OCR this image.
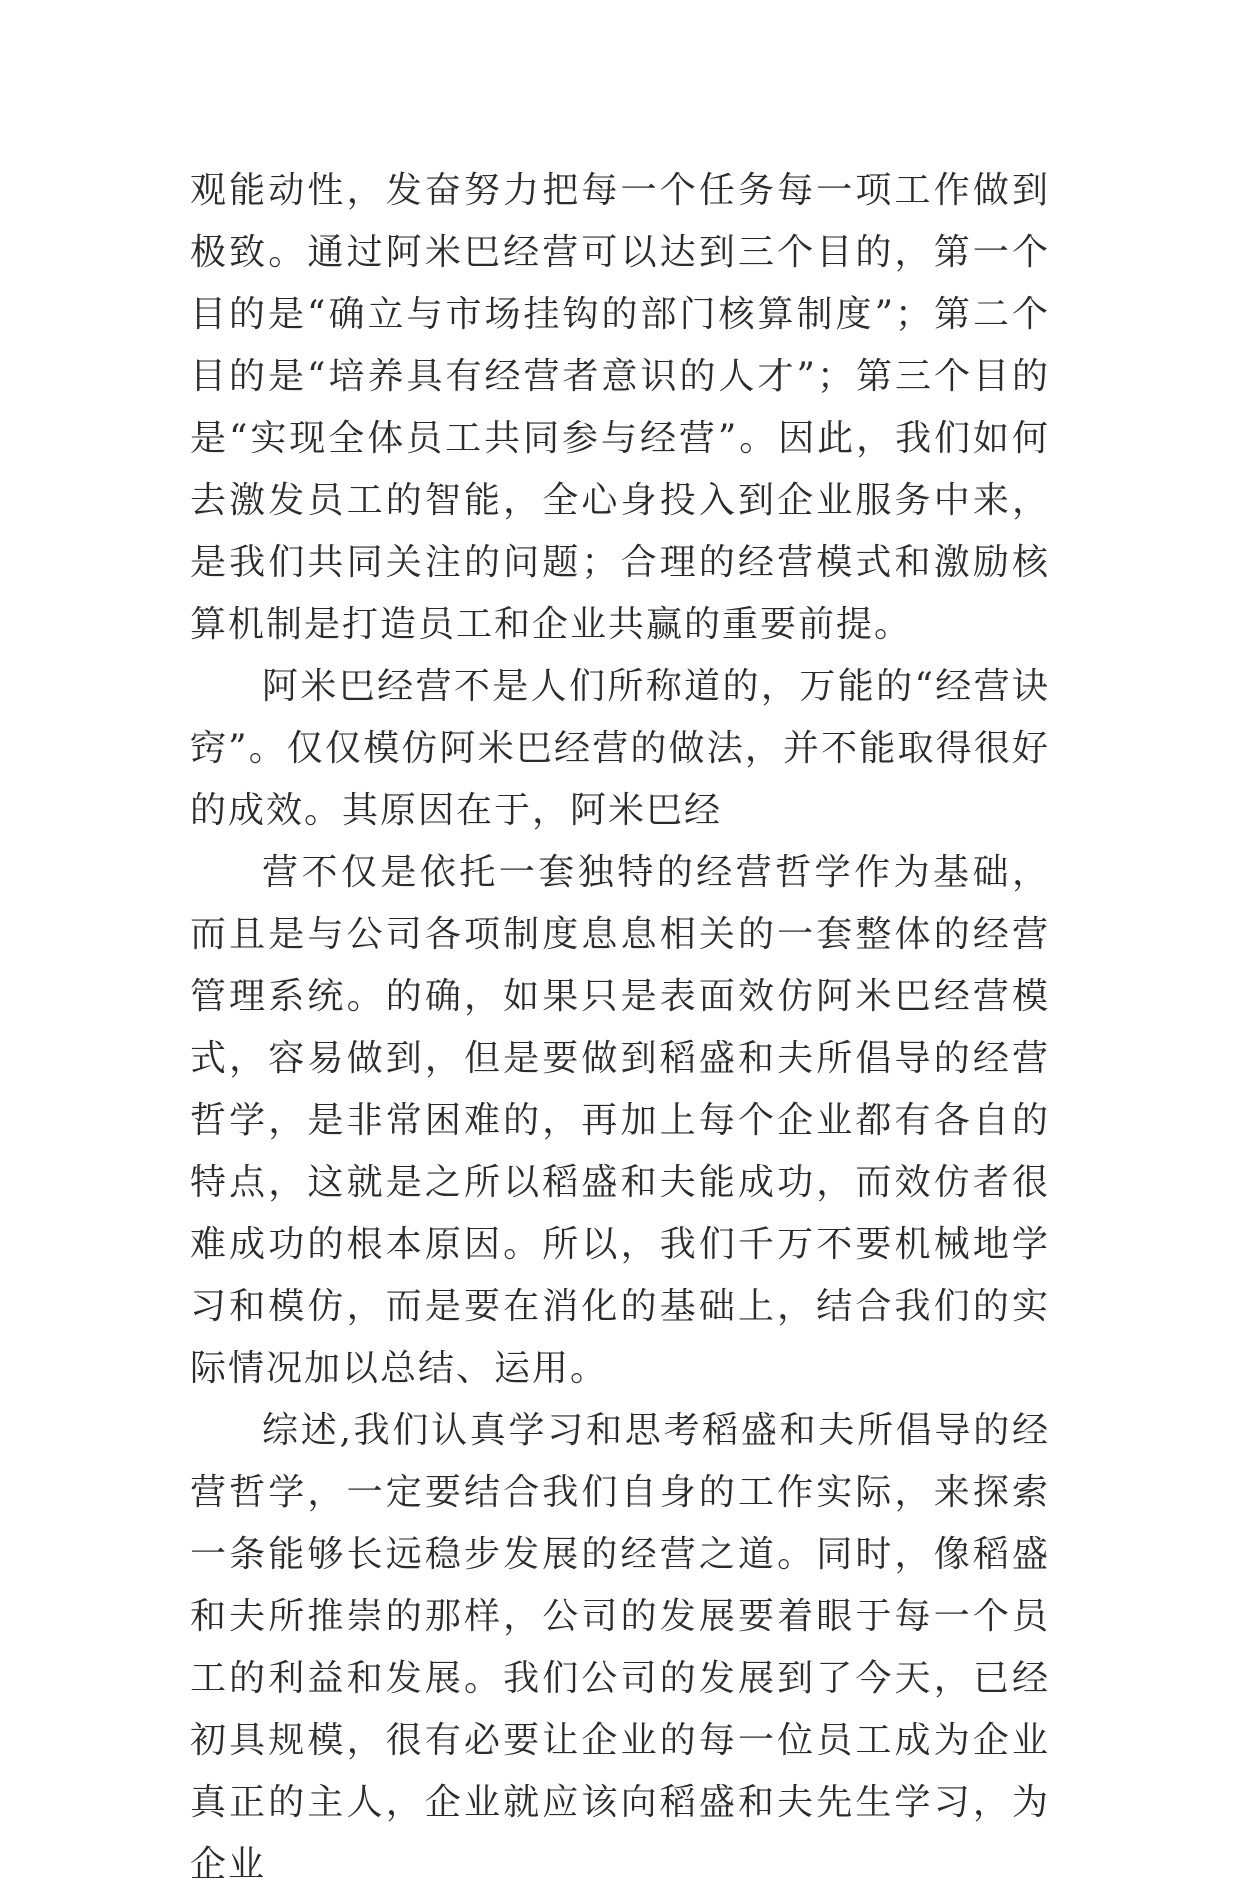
观能动性，发奋努力把每一个任务每一项工作做到极致。通过阿米巴经营可以达到三个目的，第一个目的是“确立与市场挂钩的部门核算制度”；第二个目的是“培养具有经营者意识的人才”；第三个目的是“实现全体员工共同参与经营”。因此，我们如何去激发员工的智能，全心身投入到企业服务中来，是我们共同关注的问题；合理的经营模式和激励核算机制是打造员工和企业共赢的重要前提。

阿米巴经营不是人们所称道的，万能的“经营诀窍”。仅仅模仿阿米巴经营的做法，并不能取得很好的成效。其原因在于，阿米巴经

营不仅是依托一套独特的经营哲学作为基础，而且是与公司各项制度息息相关的一套整体的经营管理系统。的确，如果只是表面效仿阿米巴经营模式，容易做到，但是要做到稻盛和夫所倡导的经营哲学，是非常困难的，再加上每个企业都有各自的特点，这就是之所以稻盛和夫能成功，而效仿者很难成功的根本原因。所以，我们千万不要机械地学习和模仿，而是要在消化的基础上，结合我们的实际情况加以总结、运用。

综述,我们认真学习和思考稻盛和夫所倡导的经营哲学，一定要结合我们自身的工作实际，来探索一条能够长远稳步发展的经营之道。同时，像稻盛和夫所推崇的那样，公司的发展要着眼于每一个员工的利益和发展。我们公司的发展到了今天，已经初具规模，很有必要让企业的每一位员工成为企业真正的主人，企业就应该向稻盛和夫先生学习，为企业
